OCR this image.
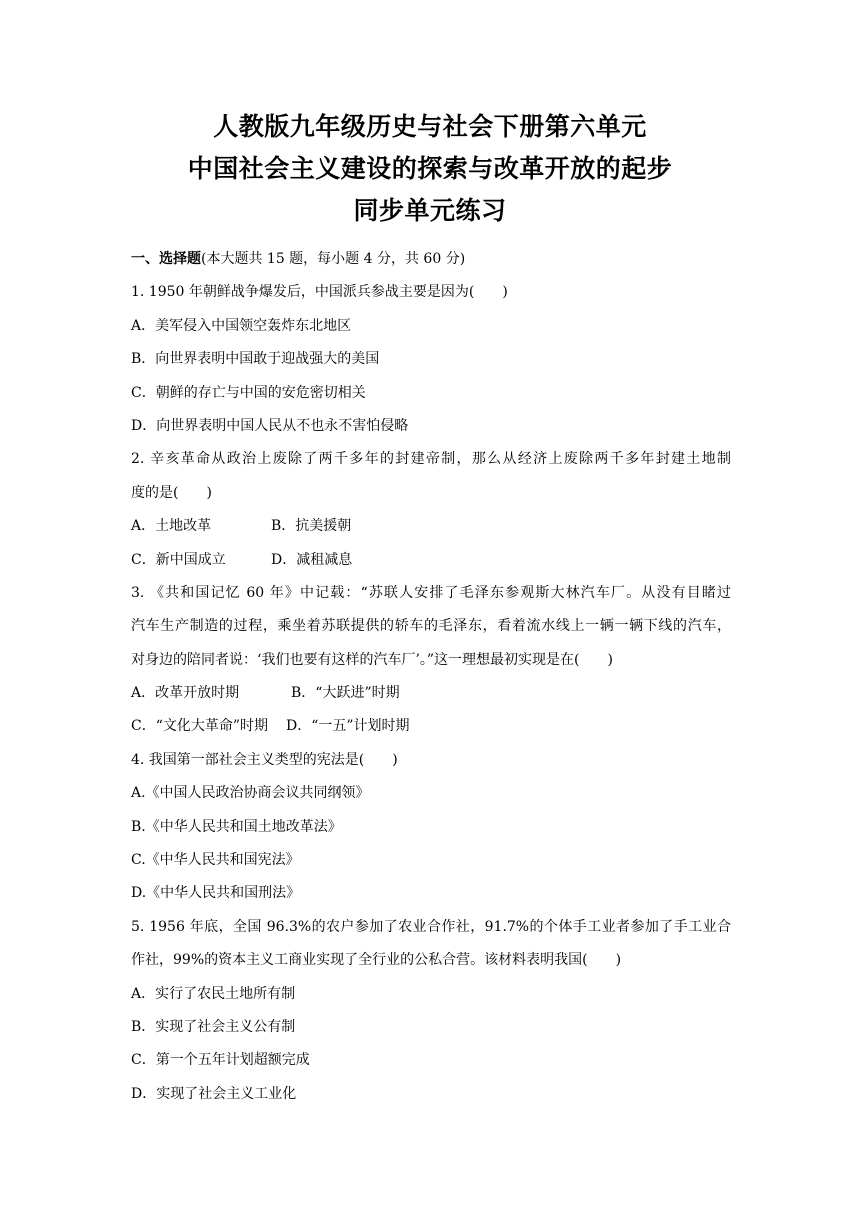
人教版九年级历史与社会下册第六单元
中国社会主义建设的探索与改革开放的起步
同步单元练习
一、选择题(本大题共 15 题，每小题 4 分，共 60 分)
1. 1950 年朝鲜战争爆发后，中国派兵参战主要是因为(　　)
A．美军侵入中国领空轰炸东北地区
B．向世界表明中国敢于迎战强大的美国
C．朝鲜的存亡与中国的安危密切相关
D．向世界表明中国人民从不也永不害怕侵略
2. 辛亥革命从政治上废除了两千多年的封建帝制，那么从经济上废除两千多年封建土地制
度的是(　　)
A．土地改革	B．抗美援朝
C．新中国成立	D．减租减息
3. 《共和国记忆 60 年》中记载：“苏联人安排了毛泽东参观斯大林汽车厂。从没有目睹过
汽车生产制造的过程，乘坐着苏联提供的轿车的毛泽东，看着流水线上一辆一辆下线的汽车，
对身边的陪同者说：‘我们也要有这样的汽车厂’。”这一理想最初实现是在(　　)
A．改革开放时期	B．“大跃进”时期
C．“文化大革命”时期	D．“一五”计划时期
4. 我国第一部社会主义类型的宪法是(　　)
A.《中国人民政治协商会议共同纲领》
B.《中华人民共和国土地改革法》
C.《中华人民共和国宪法》
D.《中华人民共和国刑法》
5. 1956 年底，全国 96.3%的农户参加了农业合作社，91.7%的个体手工业者参加了手工业合
作社，99%的资本主义工商业实现了全行业的公私合营。该材料表明我国(　　)
A．实行了农民土地所有制
B．实现了社会主义公有制
C．第一个五年计划超额完成
D．实现了社会主义工业化
